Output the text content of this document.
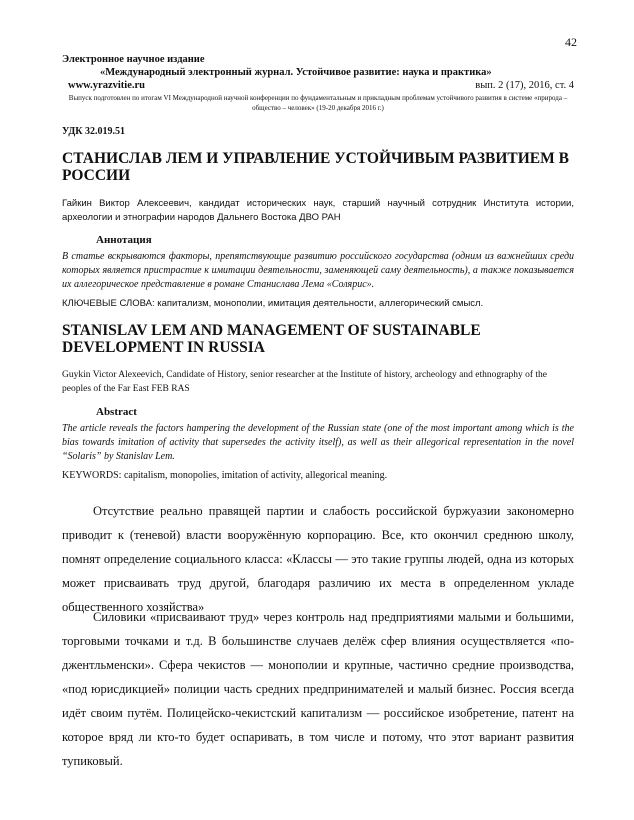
42
Электронное научное издание
«Международный электронный журнал. Устойчивое развитие: наука и практика»
www.yrazvitie.ru	вып. 2 (17), 2016, ст. 4
Выпуск подготовлен по итогам VI Международной научной конференции по фундаментальным и прикладным проблемам устойчивого развития в системе «природа – общество – человек» (19-20 декабря 2016 г.)
УДК 32.019.51
СТАНИСЛАВ ЛЕМ И УПРАВЛЕНИЕ УСТОЙЧИВЫМ РАЗВИТИЕМ В РОССИИ
Гайкин Виктор Алексеевич, кандидат исторических наук, старший научный сотрудник Института истории, археологии и этнографии народов Дальнего Востока ДВО РАН
Аннотация
В статье вскрываются факторы, препятствующие развитию российского государства (одним из важнейших среди которых является пристрастие к имитации деятельности, заменяющей саму деятельность), а также показывается их аллегорическое представление в романе Станислава Лема «Солярис».
КЛЮЧЕВЫЕ СЛОВА: капитализм, монополии, имитация деятельности, аллегорический смысл.
STANISLAV LEM AND MANAGEMENT OF SUSTAINABLE DEVELOPMENT IN RUSSIA
Guykin Victor Alexeevich, Candidate of History, senior researcher at the Institute of history, archeology and ethnography of the peoples of the Far East FEB RAS
Abstract
The article reveals the factors hampering the development of the Russian state (one of the most important among which is the bias towards imitation of activity that supersedes the activity itself), as well as their allegorical representation in the novel “Solaris” by Stanislav Lem.
KEYWORDS: capitalism, monopolies, imitation of activity, allegorical meaning.
Отсутствие реально правящей партии и слабость российской буржуазии закономерно приводит к (теневой) власти вооружённую корпорацию. Все, кто окончил среднюю школу, помнят определение социального класса: «Классы — это такие группы людей, одна из которых может присваивать труд другой, благодаря различию их места в определенном укладе общественного хозяйства»
Силовики «присваивают труд» через контроль над предприятиями малыми и большими, торговыми точками и т.д. В большинстве случаев делёж сфер влияния осуществляется «по-джентльменски». Сфера чекистов — монополии и крупные, частично средние производства, «под юрисдикцией» полиции часть средних предпринимателей и малый бизнес. Россия всегда идёт своим путём. Полицейско-чекистский капитализм — российское изобретение, патент на которое вряд ли кто-то будет оспаривать, в том числе и потому, что этот вариант развития тупиковый.
